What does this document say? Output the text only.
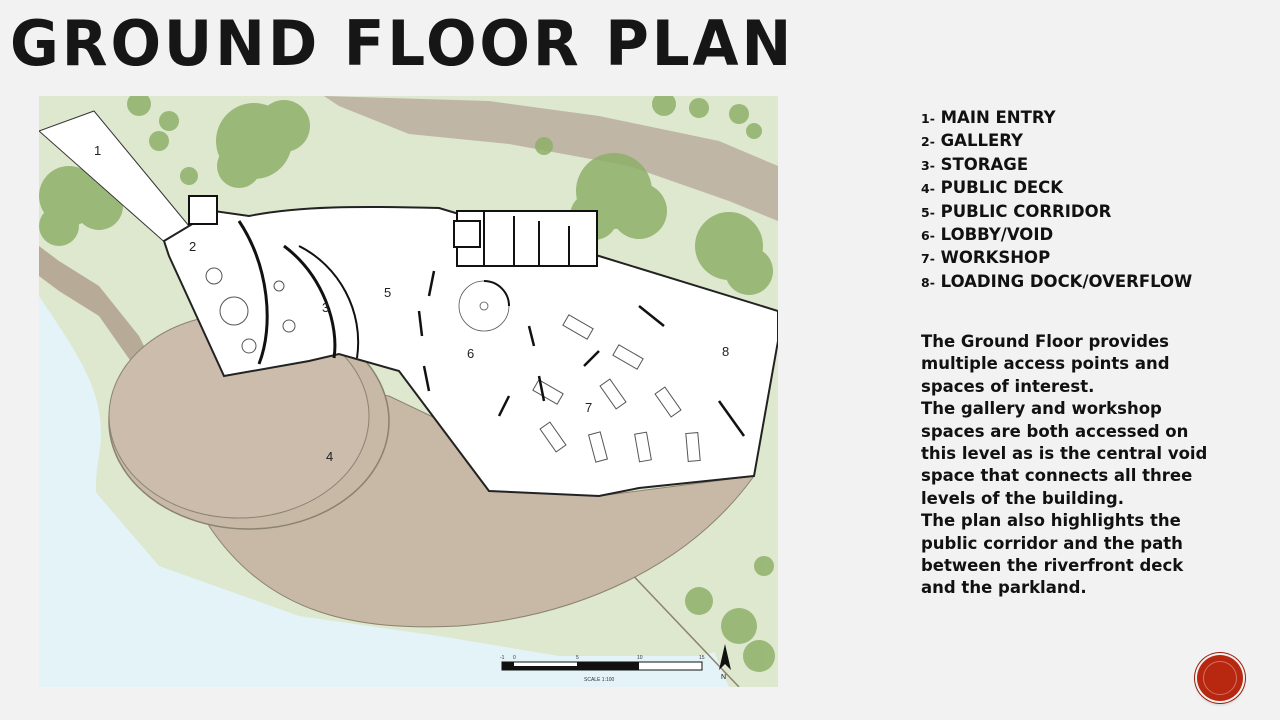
GROUND FLOOR PLAN
1
2
3
4
5
6
7
8
-1 0	5	10	15
SCALE 1:100	N
1- MAIN ENTRY
2- GALLERY
3- STORAGE
4- PUBLIC DECK
5- PUBLIC CORRIDOR
6- LOBBY/VOID
7- WORKSHOP
8- LOADING DOCK/OVERFLOW

The Ground Floor provides multiple access points and spaces of interest.

The gallery and workshop spaces are both accessed on this level as is the central void space that connects all three levels of the building.

The plan also highlights the public corridor and the path between the riverfront deck and the parkland.
